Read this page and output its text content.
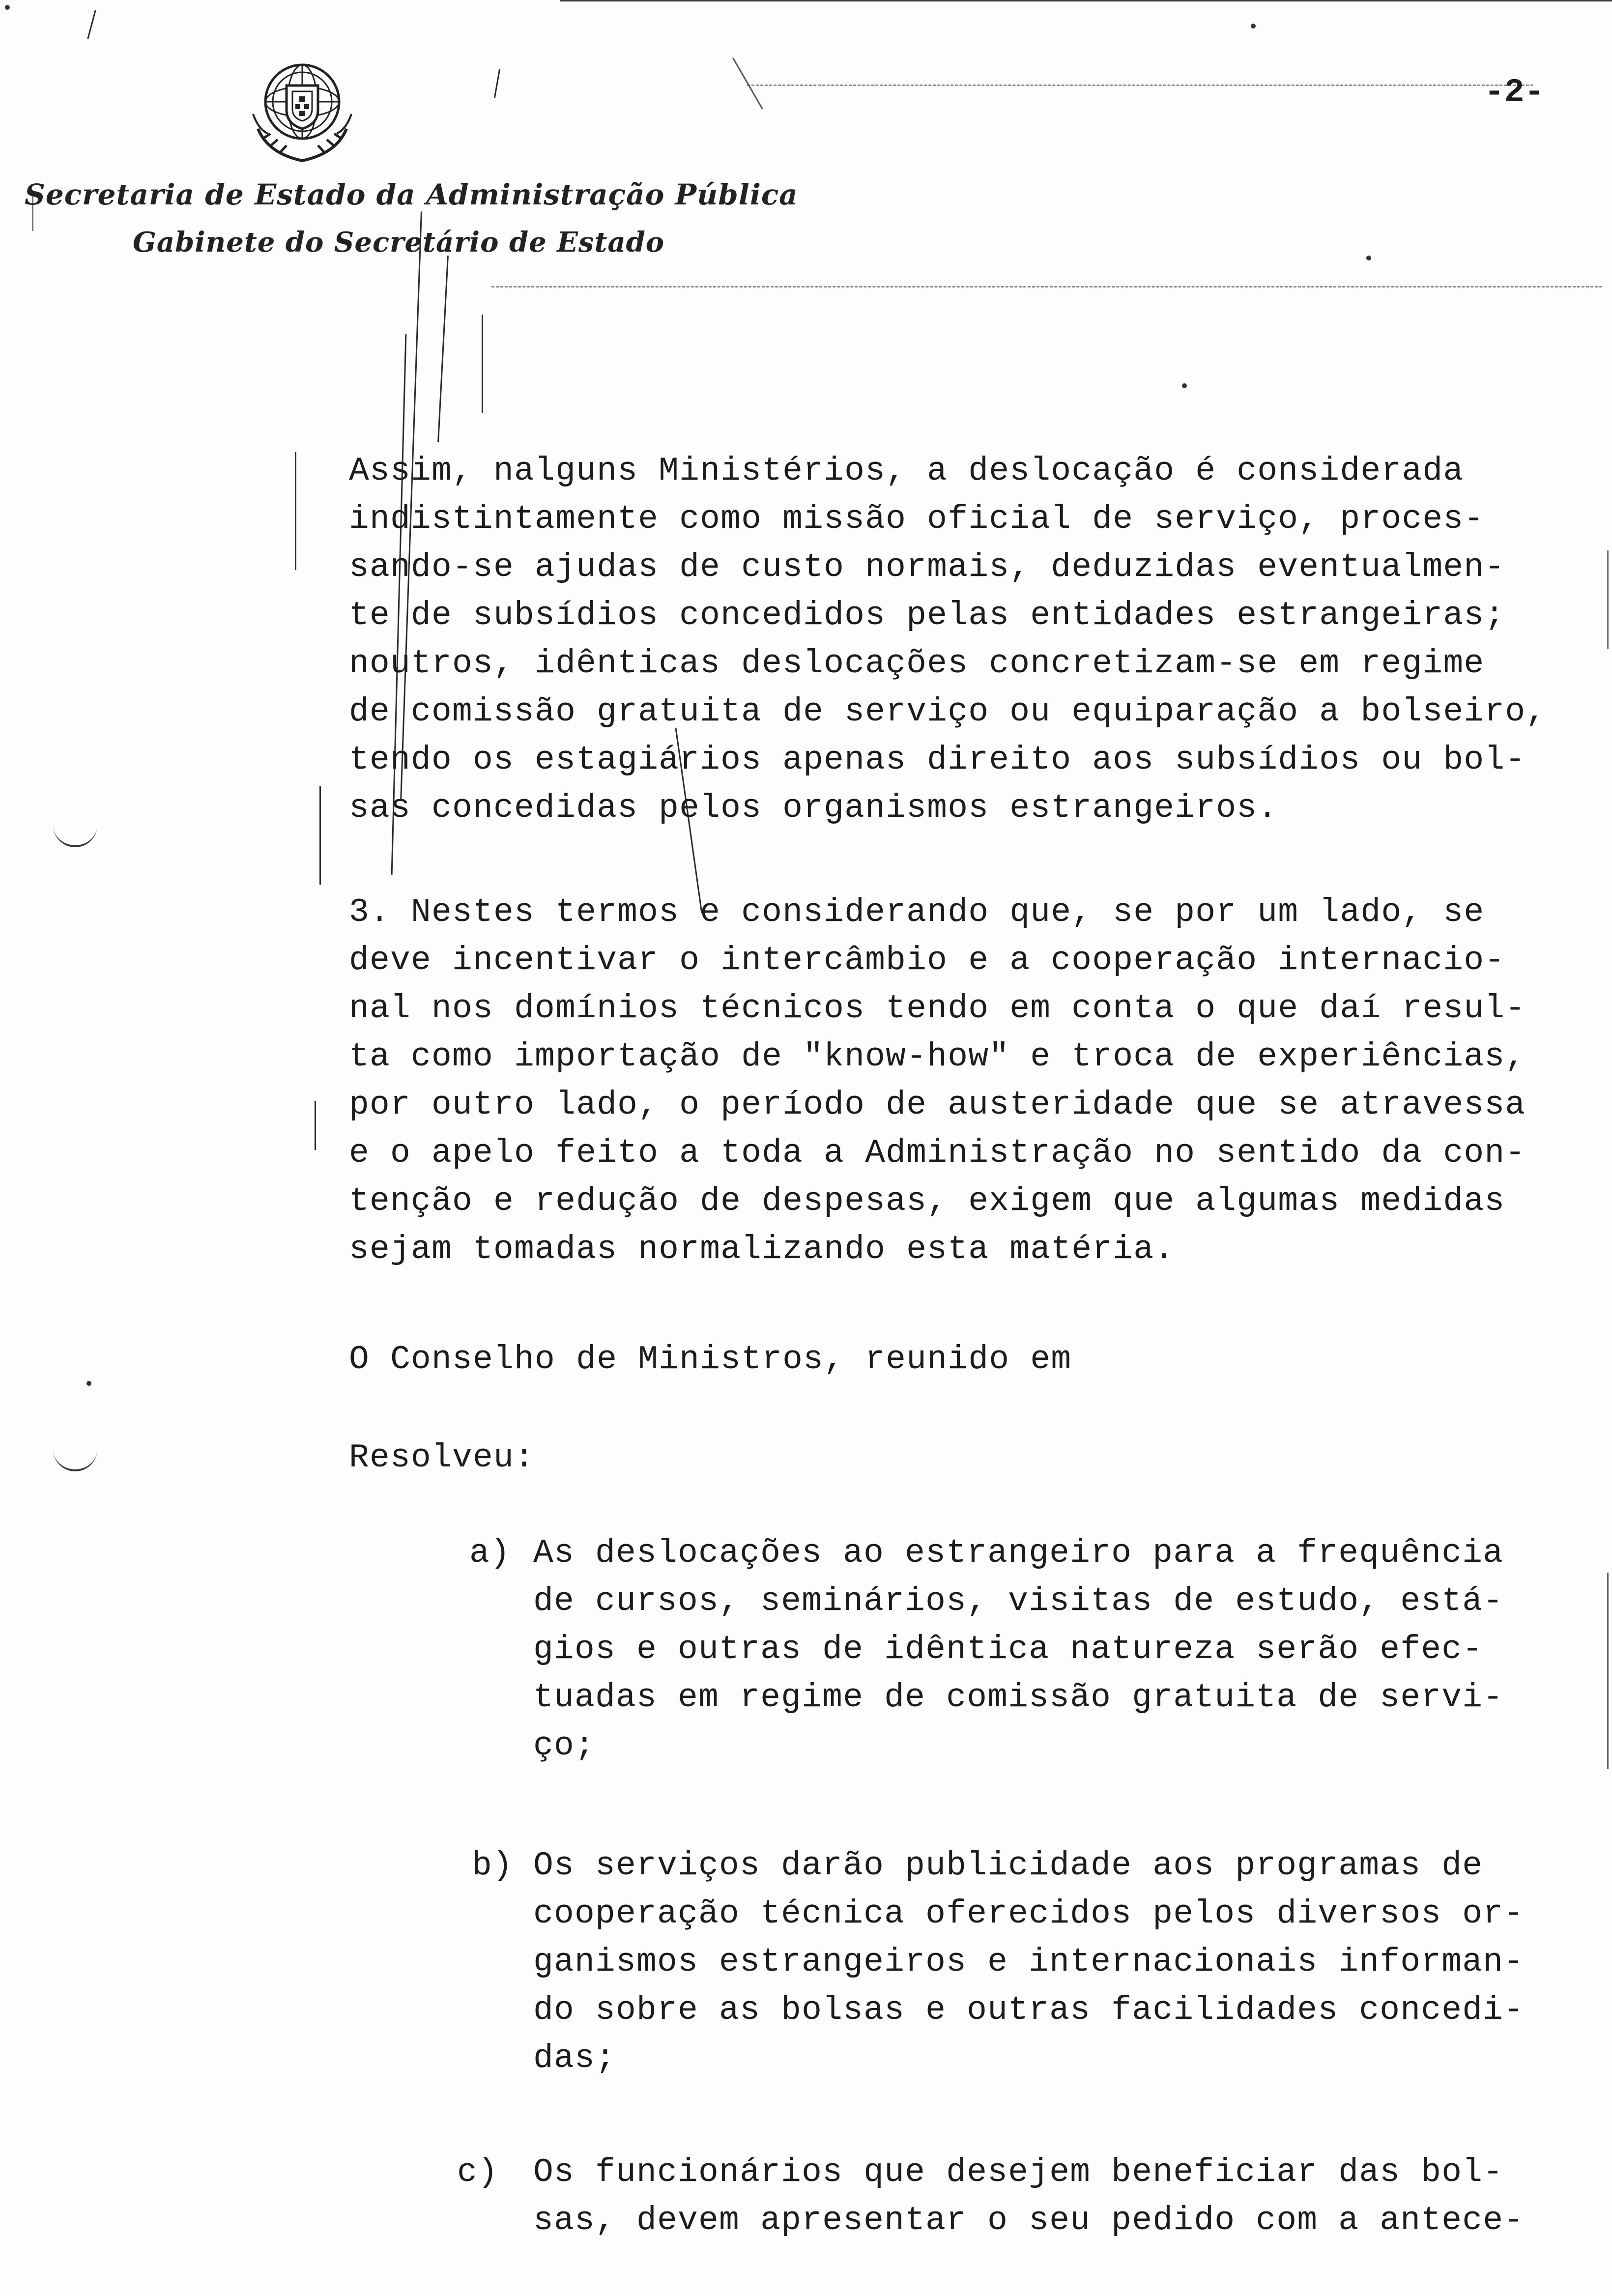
Secretaria de Estado da Administração Pública
Gabinete do Secretário de Estado
-2-
Assim, nalguns Ministérios, a deslocação é considerada
indistintamente como missão oficial de serviço, proces-
sando-se ajudas de custo normais, deduzidas eventualmen-
te de subsídios concedidos pelas entidades estrangeiras;
noutros, idênticas deslocações concretizam-se em regime
de comissão gratuita de serviço ou equiparação a bolseiro,
tendo os estagiários apenas direito aos subsídios ou bol-
sas concedidas pelos organismos estrangeiros.
3. Nestes termos e considerando que, se por um lado, se
deve incentivar o intercâmbio e a cooperação internacio-
nal nos domínios técnicos tendo em conta o que daí resul-
ta como importação de "know-how" e troca de experiências,
por outro lado, o período de austeridade que se atravessa
e o apelo feito a toda a Administração no sentido da con-
tenção e redução de despesas, exigem que algumas medidas
sejam tomadas normalizando esta matéria.
O Conselho de Ministros, reunido em
Resolveu:
a) As deslocações ao estrangeiro para a frequência
de cursos, seminários, visitas de estudo, está-
gios e outras de idêntica natureza serão efec-
tuadas em regime de comissão gratuita de servi-
ço;
b) Os serviços darão publicidade aos programas de
cooperação técnica oferecidos pelos diversos or-
ganismos estrangeiros e internacionais informan-
do sobre as bolsas e outras facilidades concedi-
das;
c) Os funcionários que desejem beneficiar das bol-
sas, devem apresentar o seu pedido com a antece-
